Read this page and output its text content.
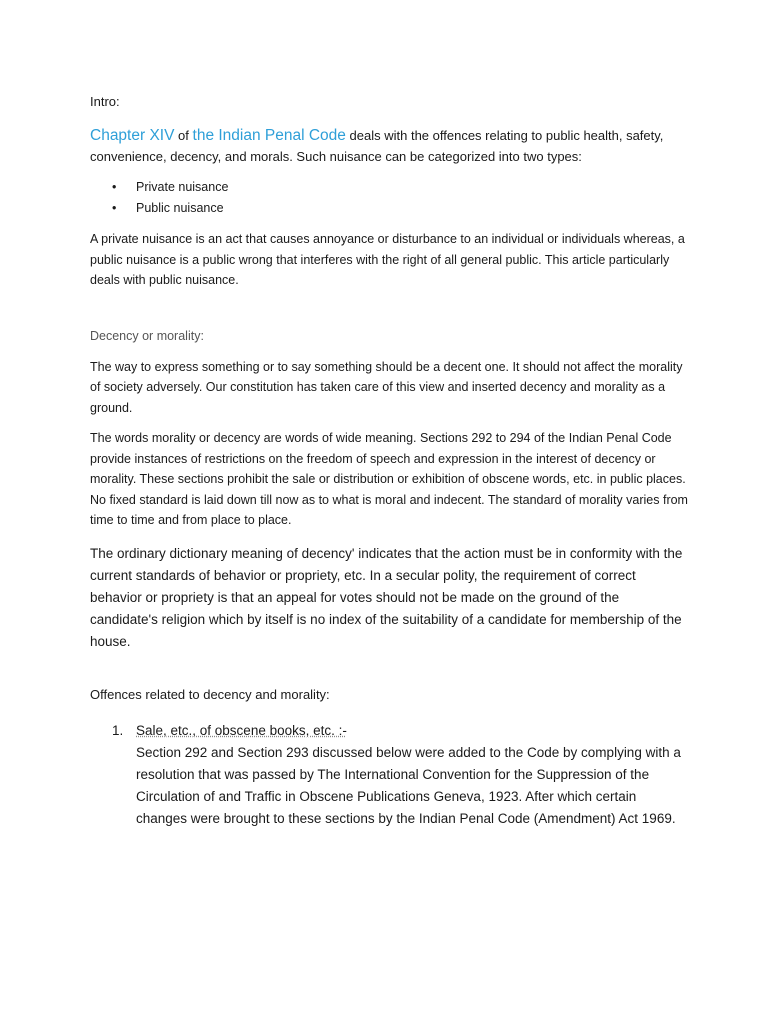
Intro:

Chapter XIV of the Indian Penal Code deals with the offences relating to public health, safety, convenience, decency, and morals. Such nuisance can be categorized into two types:

• Private nuisance
• Public nuisance

A private nuisance is an act that causes annoyance or disturbance to an individual or individuals whereas, a public nuisance is a public wrong that interferes with the right of all general public. This article particularly deals with public nuisance.

Decency or morality:

The way to express something or to say something should be a decent one. It should not affect the morality of society adversely. Our constitution has taken care of this view and inserted decency and morality as a ground.

The words morality or decency are words of wide meaning. Sections 292 to 294 of the Indian Penal Code provide instances of restrictions on the freedom of speech and expression in the interest of decency or morality. These sections prohibit the sale or distribution or exhibition of obscene words, etc. in public places. No fixed standard is laid down till now as to what is moral and indecent. The standard of morality varies from time to time and from place to place.

The ordinary dictionary meaning of decency' indicates that the action must be in conformity with the current standards of behavior or propriety, etc. In a secular polity, the requirement of correct behavior or propriety is that an appeal for votes should not be made on the ground of the candidate's religion which by itself is no index of the suitability of a candidate for membership of the house.

Offences related to decency and morality:

1. Sale, etc., of obscene books, etc. :-
Section 292 and Section 293 discussed below were added to the Code by complying with a resolution that was passed by The International Convention for the Suppression of the Circulation of and Traffic in Obscene Publications Geneva, 1923. After which certain changes were brought to these sections by the Indian Penal Code (Amendment) Act 1969.
